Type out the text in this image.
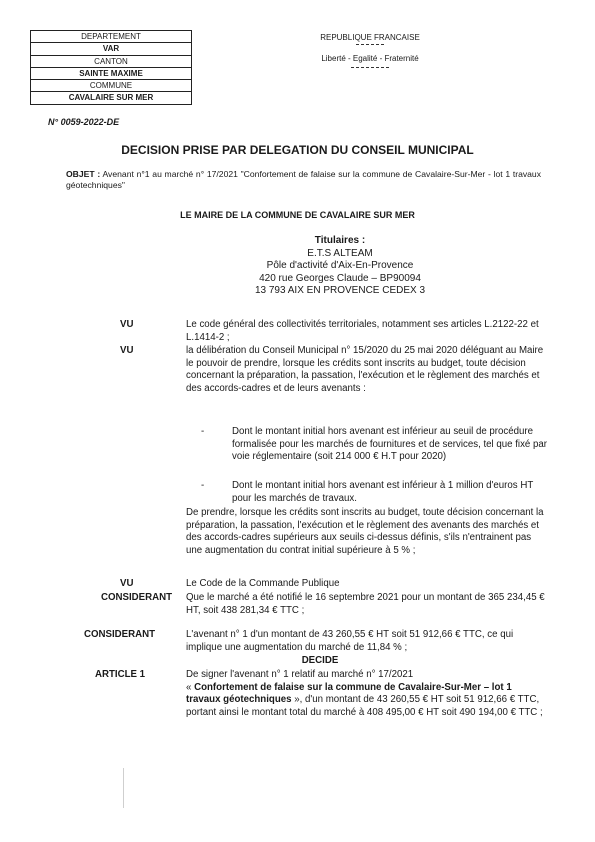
DEPARTEMENT
VAR
CANTON
SAINTE MAXIME
COMMUNE
CAVALAIRE SUR MER
REPUBLIQUE FRANCAISE
Liberté - Egalité - Fraternité
N° 0059-2022-DE
DECISION PRISE PAR DELEGATION DU CONSEIL MUNICIPAL
OBJET : Avenant n°1 au marché n° 17/2021 "Confortement de falaise sur la commune de Cavalaire-Sur-Mer - lot 1 travaux géotechniques"
LE MAIRE DE LA COMMUNE DE CAVALAIRE SUR MER
Titulaires :
E.T.S ALTEAM
Pôle d'activité d'Aix-En-Provence
420 rue Georges Claude – BP90094
13 793 AIX EN PROVENCE CEDEX 3
VU	Le code général des collectivités territoriales, notamment ses articles L.2122-22 et L.1414-2 ;
VU	la délibération du Conseil Municipal n° 15/2020 du 25 mai 2020 déléguant au Maire le pouvoir de prendre, lorsque les crédits sont inscrits au budget, toute décision concernant la préparation, la passation, l'exécution et le règlement des marchés et des accords-cadres et de leurs avenants :
-	Dont le montant initial hors avenant est inférieur au seuil de procédure formalisée pour les marchés de fournitures et de services, tel que fixé par voie réglementaire (soit 214 000 € H.T pour 2020)
-	Dont le montant initial hors avenant est inférieur à 1 million d'euros HT pour les marchés de travaux.
De prendre, lorsque les crédits sont inscrits au budget, toute décision concernant la préparation, la passation, l'exécution et le règlement des avenants des marchés et des accords-cadres supérieurs aux seuils ci-dessus définis, s'ils n'entrainent pas une augmentation du contrat initial supérieure à 5 % ;
VU	Le Code de la Commande Publique
CONSIDERANT Que le marché a été notifié le 16 septembre 2021 pour un montant de 365 234,45 € HT, soit 438 281,34 € TTC ;
CONSIDERANT	L'avenant n° 1 d'un montant de 43 260,55 € HT soit 51 912,66 € TTC, ce qui implique une augmentation du marché de 11,84 % ;
DECIDE
ARTICLE 1	De signer l'avenant n° 1 relatif au marché n° 17/2021
« Confortement de falaise sur la commune de Cavalaire-Sur-Mer – lot 1 travaux géotechniques », d'un montant de 43 260,55 € HT soit 51 912,66 € TTC, portant ainsi le montant total du marché à 408 495,00 € HT soit 490 194,00 € TTC ;
